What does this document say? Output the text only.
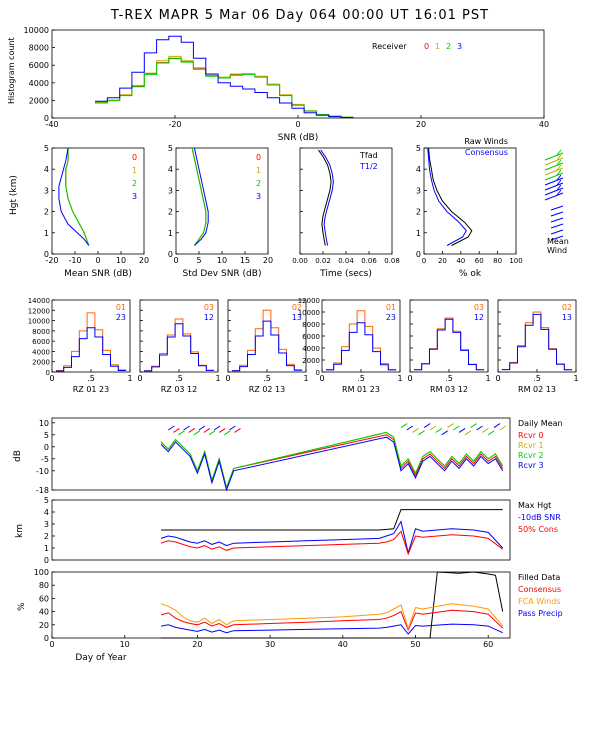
T-REX MAPR 5 Mar 06 Day 064 00:00 UT 16:01 PST
-40	-20	0	20	40
0
2000
4000
6000
8000
10000
SNR (dB)
Histogram count	Receiver 0 1 2 3
-20 -10 0 10 20
0
1
2
3
4
5
Mean SNR (dB)
Hgt (km)
0
1
2
3
0 5 10 15 20
0
1
2
3
4
5
Std Dev SNR (dB)
0
1
2
3
0.00 0.02 0.04 0.06 0.08
Time (secs)
Tfad
T1/2
0 20 40 60 80 100
0
1
2
3
4
5
% ok
Raw Winds
Consensus
Mean
Wind
0	.5	1
0
2000
4000
6000
8000
10000
12000
14000
RZ 01 23
01
23
0	.5	1
RZ 03 12
03
12
0	.5	1
RZ 02 13
02
13
0	.5	1
0
2000
4000
6000
8000
10000
12000
RM 01 23
01
23
0	.5	1
RM 03 12
03
12
0	.5	1
RM 02 13
02
13
-18
-10
-5
0
5
10
dB
Daily Mean
Rcvr 0
Rcvr 1
Rcvr 2
Rcvr 3
0
1
2
3
4
5
km
Max Hgt
-10dB SNR
50% Cons
0	10	20	30	40	50	60
0
20
40
60
80
100
%
Day of Year
Filled Data
Consensus
FCA Winds
Pass Precip
